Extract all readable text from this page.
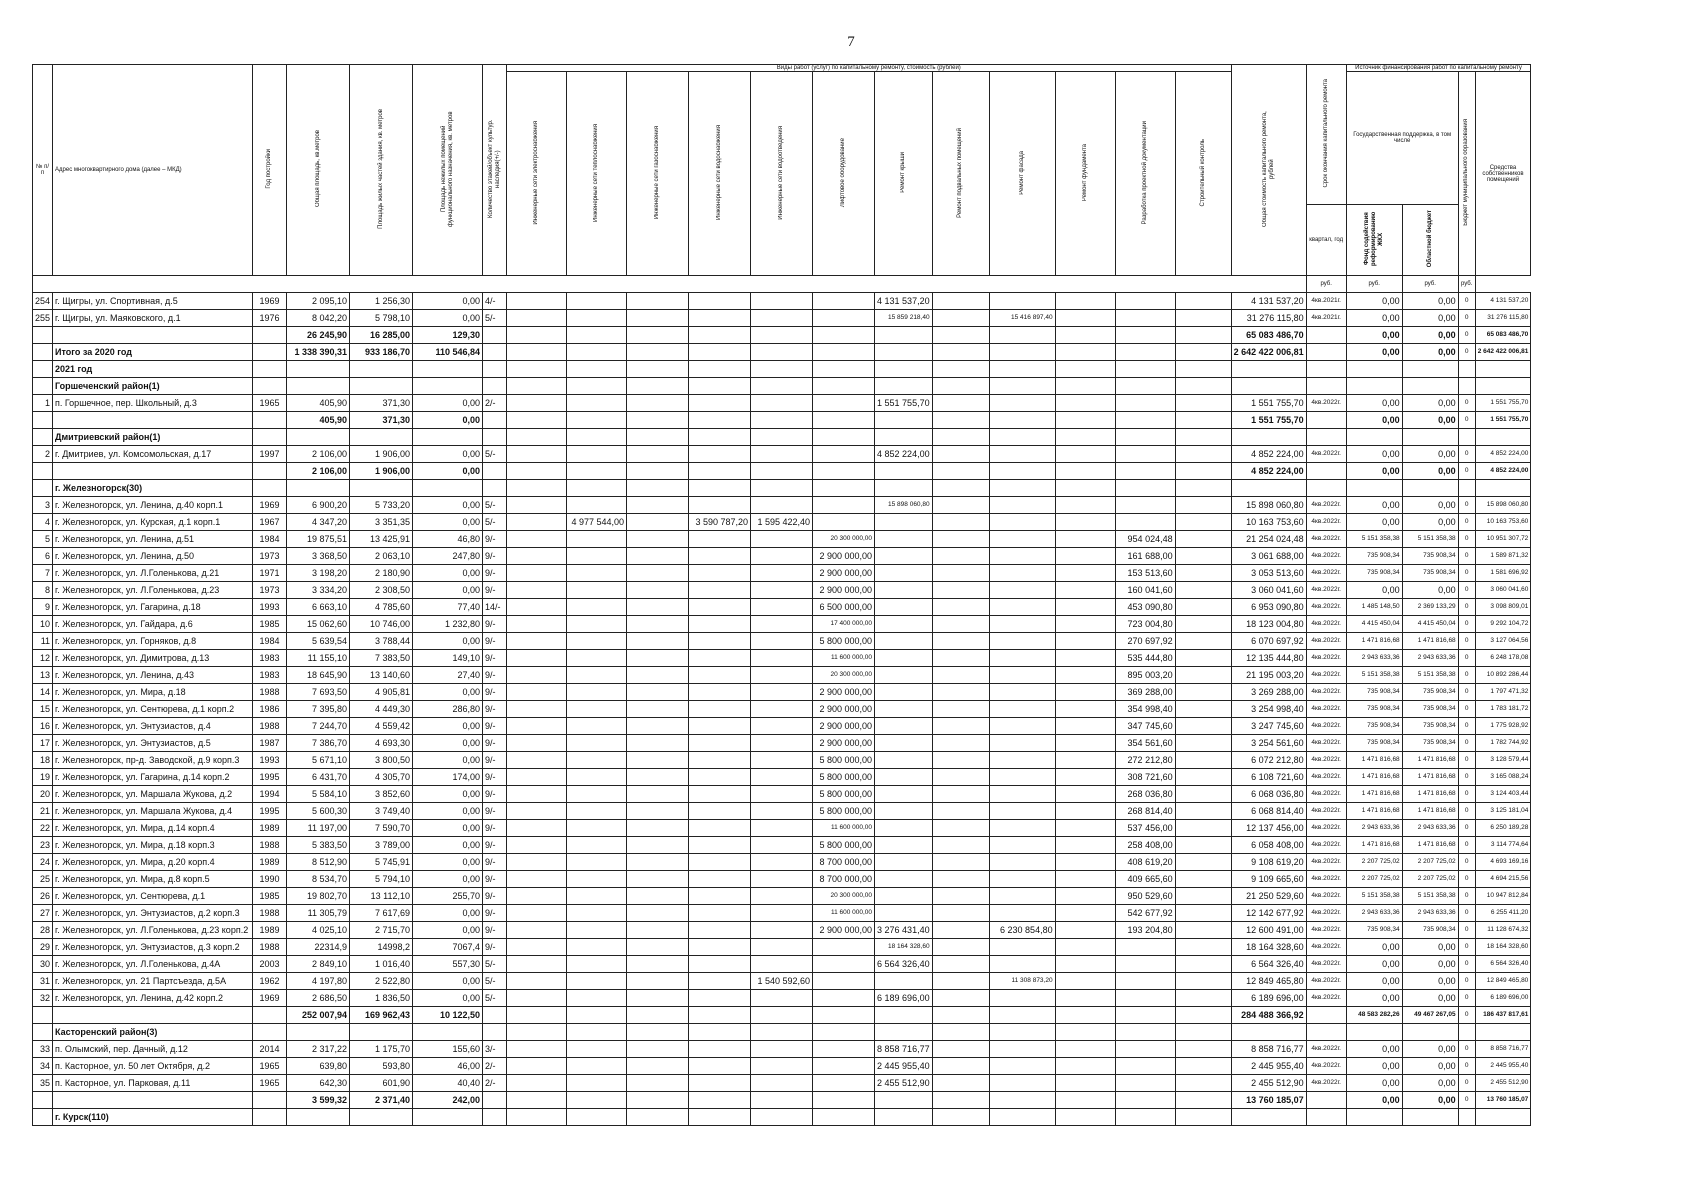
7
№ п/п	Адрес многоквартирного дома (далее – МКД)	Год постройки	Общая площадь, кв.метров	Площадь жилых частей здания, кв. метров	Площадь нежилых помещений функционального назначения, кв. метров	Количество этажей/объект культур. наследия(+/-)	Виды работ (услуг) по капитальному ремонту, стоимость (рублей)												Общая стоимость капитального ремонта, рублей	Срок окончания капитального ремонта	Источник финансирования работ по капитальному ремонту			
							Инженерные сети электроснабжения	Инженерные сети теплоснабжения	Инженерные сети газоснабжения	Инженерные сети водоснабжения	Инженерные сети водоотведения	Лифтовое оборудование	Ремонт крыши	Ремонт подвальных помещений	Ремонт фасада	Ремонт фундамента	Разработка проектной документации	Строительный контроль			Государственная поддержка, в том числе		Бюджет муниципального образования	Средства собственников помещений
																				квартал, год	Фонд содействия реформированию ЖКХ	Областной бюджет		
																				руб.	руб.	руб.	руб.	
254	г. Щигры, ул. Спортивная, д.5	1969	2 095,10	1 256,30	0,00	4/-							4 131 537,20						4 131 537,20	4кв.2021г.	0,00	0,00	0	4 131 537,20
255	г. Щигры, ул. Маяковского, д.1	1976	8 042,20	5 798,10	0,00	5/-							15 859 218,40		15 416 897,40				31 276 115,80	4кв.2021г.	0,00	0,00	0	31 276 115,80
			26 245,90	16 285,00	129,30														65 083 486,70		0,00	0,00	0	65 083 486,70
	Итого за 2020 год		1 338 390,31	933 186,70	110 546,84														2 642 422 006,81		0,00	0,00	0	2 642 422 006,81
	2021 год																							
	Горшеченский район(1)																							
1	п. Горшечное, пер. Школьный, д.3	1965	405,90	371,30	0,00	2/-							1 551 755,70						1 551 755,70	4кв.2022г.	0,00	0,00	0	1 551 755,70
			405,90	371,30	0,00														1 551 755,70		0,00	0,00	0	1 551 755,70
	Дмитриевский район(1)																							
2	г. Дмитриев, ул. Комсомольская, д.17	1997	2 106,00	1 906,00	0,00	5/-							4 852 224,00						4 852 224,00	4кв.2022г.	0,00	0,00	0	4 852 224,00
			2 106,00	1 906,00	0,00														4 852 224,00		0,00	0,00	0	4 852 224,00
	г. Железногорск(30)																							
3	г. Железногорск, ул. Ленина, д.40 корп.1	1969	6 900,20	5 733,20	0,00	5/-							15 898 060,80						15 898 060,80	4кв.2022г.	0,00	0,00	0	15 898 060,80
4	г. Железногорск, ул. Курская, д.1 корп.1	1967	4 347,20	3 351,35	0,00	5/-		4 977 544,00		3 590 787,20	1 595 422,40								10 163 753,60	4кв.2022г.	0,00	0,00	0	10 163 753,60
5	г. Железногорск, ул. Ленина, д.51	1984	19 875,51	13 425,91	46,80	9/-						20 300 000,00					954 024,48		21 254 024,48	4кв.2022г.	5 151 358,38	5 151 358,38	0	10 951 307,72
6	г. Железногорск, ул. Ленина, д.50	1973	3 368,50	2 063,10	247,80	9/-						2 900 000,00					161 688,00		3 061 688,00	4кв.2022г.	735 908,34	735 908,34	0	1 589 871,32
7	г. Железногорск, ул. Л.Голенькова, д.21	1971	3 198,20	2 180,90	0,00	9/-						2 900 000,00					153 513,60		3 053 513,60	4кв.2022г.	735 908,34	735 908,34	0	1 581 696,92
8	г. Железногорск, ул. Л.Голенькова, д.23	1973	3 334,20	2 308,50	0,00	9/-						2 900 000,00					160 041,60		3 060 041,60	4кв.2022г.	0,00	0,00	0	3 060 041,60
9	г. Железногорск, ул. Гагарина, д.18	1993	6 663,10	4 785,60	77,40	14/-						6 500 000,00					453 090,80		6 953 090,80	4кв.2022г.	1 485 148,50	2 369 133,29	0	3 098 809,01
10	г. Железногорск, ул. Гайдара, д.6	1985	15 062,60	10 746,00	1 232,80	9/-						17 400 000,00					723 004,80		18 123 004,80	4кв.2022г.	4 415 450,04	4 415 450,04	0	9 292 104,72
11	г. Железногорск, ул. Горняков, д.8	1984	5 639,54	3 788,44	0,00	9/-						5 800 000,00					270 697,92		6 070 697,92	4кв.2022г.	1 471 816,68	1 471 816,68	0	3 127 064,56
12	г. Железногорск, ул. Димитрова, д.13	1983	11 155,10	7 383,50	149,10	9/-						11 600 000,00					535 444,80		12 135 444,80	4кв.2022г.	2 943 633,36	2 943 633,36	0	6 248 178,08
13	г. Железногорск, ул. Ленина, д.43	1983	18 645,90	13 140,60	27,40	9/-						20 300 000,00					895 003,20		21 195 003,20	4кв.2022г.	5 151 358,38	5 151 358,38	0	10 892 286,44
14	г. Железногорск, ул. Мира, д.18	1988	7 693,50	4 905,81	0,00	9/-						2 900 000,00					369 288,00		3 269 288,00	4кв.2022г.	735 908,34	735 908,34	0	1 797 471,32
15	г. Железногорск, ул. Сентюрева, д.1 корп.2	1986	7 395,80	4 449,30	286,80	9/-						2 900 000,00					354 998,40		3 254 998,40	4кв.2022г.	735 908,34	735 908,34	0	1 783 181,72
16	г. Железногорск, ул. Энтузиастов, д.4	1988	7 244,70	4 559,42	0,00	9/-						2 900 000,00					347 745,60		3 247 745,60	4кв.2022г.	735 908,34	735 908,34	0	1 775 928,92
17	г. Железногорск, ул. Энтузиастов, д.5	1987	7 386,70	4 693,30	0,00	9/-						2 900 000,00					354 561,60		3 254 561,60	4кв.2022г.	735 908,34	735 908,34	0	1 782 744,92
18	г. Железногорск, пр-д. Заводской, д.9 корп.3	1993	5 671,10	3 800,50	0,00	9/-						5 800 000,00					272 212,80		6 072 212,80	4кв.2022г.	1 471 816,68	1 471 816,68	0	3 128 579,44
19	г. Железногорск, ул. Гагарина, д.14 корп.2	1995	6 431,70	4 305,70	174,00	9/-						5 800 000,00					308 721,60		6 108 721,60	4кв.2022г.	1 471 816,68	1 471 816,68	0	3 165 088,24
20	г. Железногорск, ул. Маршала Жукова, д.2	1994	5 584,10	3 852,60	0,00	9/-						5 800 000,00					268 036,80		6 068 036,80	4кв.2022г.	1 471 816,68	1 471 816,68	0	3 124 403,44
21	г. Железногорск, ул. Маршала Жукова, д.4	1995	5 600,30	3 749,40	0,00	9/-						5 800 000,00					268 814,40		6 068 814,40	4кв.2022г.	1 471 816,68	1 471 816,68	0	3 125 181,04
22	г. Железногорск, ул. Мира, д.14 корп.4	1989	11 197,00	7 590,70	0,00	9/-						11 600 000,00					537 456,00		12 137 456,00	4кв.2022г.	2 943 633,36	2 943 633,36	0	6 250 189,28
23	г. Железногорск, ул. Мира, д.18 корп.3	1988	5 383,50	3 789,00	0,00	9/-						5 800 000,00					258 408,00		6 058 408,00	4кв.2022г.	1 471 816,68	1 471 816,68	0	3 114 774,64
24	г. Железногорск, ул. Мира, д.20 корп.4	1989	8 512,90	5 745,91	0,00	9/-						8 700 000,00					408 619,20		9 108 619,20	4кв.2022г.	2 207 725,02	2 207 725,02	0	4 693 169,16
25	г. Железногорск, ул. Мира, д.8 корп.5	1990	8 534,70	5 794,10	0,00	9/-						8 700 000,00					409 665,60		9 109 665,60	4кв.2022г.	2 207 725,02	2 207 725,02	0	4 694 215,56
26	г. Железногорск, ул. Сентюрева, д.1	1985	19 802,70	13 112,10	255,70	9/-						20 300 000,00					950 529,60		21 250 529,60	4кв.2022г.	5 151 358,38	5 151 358,38	0	10 947 812,84
27	г. Железногорск, ул. Энтузиастов, д.2 корп.3	1988	11 305,79	7 617,69	0,00	9/-						11 600 000,00					542 677,92		12 142 677,92	4кв.2022г.	2 943 633,36	2 943 633,36	0	6 255 411,20
28	г. Железногорск, ул. Л.Голенькова, д.23 корп.2	1989	4 025,10	2 715,70	0,00	9/-						2 900 000,00	3 276 431,40		6 230 854,80		193 204,80		12 600 491,00	4кв.2022г.	735 908,34	735 908,34	0	11 128 674,32
29	г. Железногорск, ул. Энтузиастов, д.3 корп.2	1988	22314,9	14998,2	7067,4	9/-							18 164 328,60						18 164 328,60	4кв.2022г.	0,00	0,00	0	18 164 328,60
30	г. Железногорск, ул. Л.Голенькова, д.4А	2003	2 849,10	1 016,40	557,30	5/-							6 564 326,40						6 564 326,40	4кв.2022г.	0,00	0,00	0	6 564 326,40
31	г. Железногорск, ул. 21 Партсъезда, д.5А	1962	4 197,80	2 522,80	0,00	5/-					1 540 592,60				11 308 873,20				12 849 465,80	4кв.2022г.	0,00	0,00	0	12 849 465,80
32	г. Железногорск, ул. Ленина, д.42 корп.2	1969	2 686,50	1 836,50	0,00	5/-							6 189 696,00						6 189 696,00	4кв.2022г.	0,00	0,00	0	6 189 696,00
			252 007,94	169 962,43	10 122,50														284 488 366,92		48 583 282,26	49 467 267,05	0	186 437 817,61
	Касторенский район(3)																							
33	п. Олымский, пер. Дачный, д.12	2014	2 317,22	1 175,70	155,60	3/-							8 858 716,77						8 858 716,77	4кв.2022г.	0,00	0,00	0	8 858 716,77
34	п. Касторное, ул. 50 лет Октября, д.2	1965	639,80	593,80	46,00	2/-							2 445 955,40						2 445 955,40	4кв.2022г.	0,00	0,00	0	2 445 955,40
35	п. Касторное, ул. Парковая, д.11	1965	642,30	601,90	40,40	2/-							2 455 512,90						2 455 512,90	4кв.2022г.	0,00	0,00	0	2 455 512,90
			3 599,32	2 371,40	242,00														13 760 185,07		0,00	0,00	0	13 760 185,07
	г. Курск(110)																							
